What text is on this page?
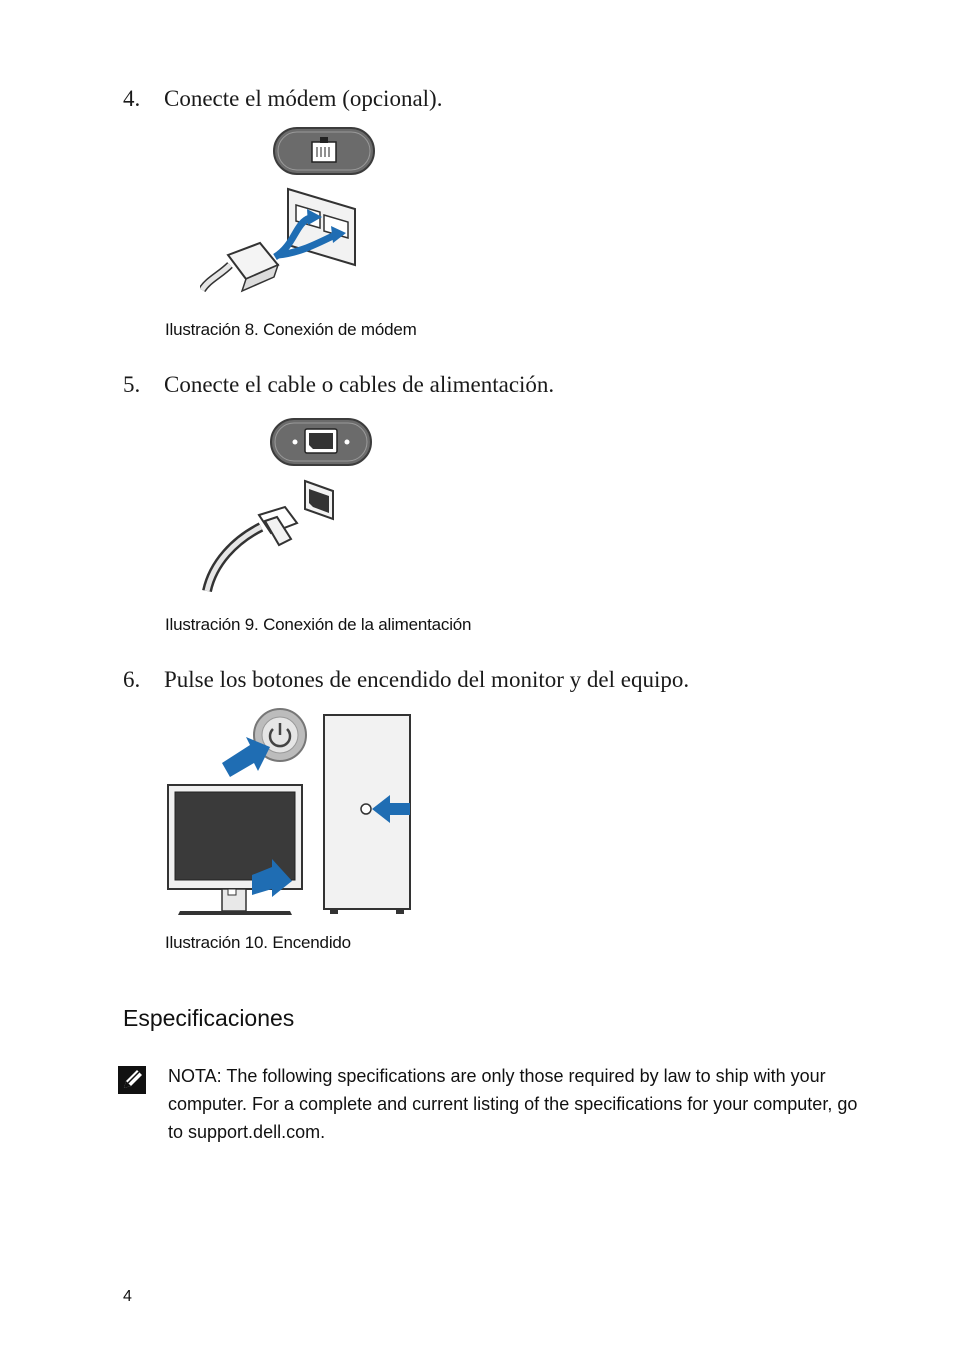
4. Conecte el módem (opcional).
Ilustración 8. Conexión de módem
5. Conecte el cable o cables de alimentación.
Ilustración 9. Conexión de la alimentación
6. Pulse los botones de encendido del monitor y del equipo.
Ilustración 10. Encendido
Especificaciones
NOTA: The following specifications are only those required by law to ship with your computer. For a complete and current listing of the specifications for your computer, go to support.dell.com.
4
